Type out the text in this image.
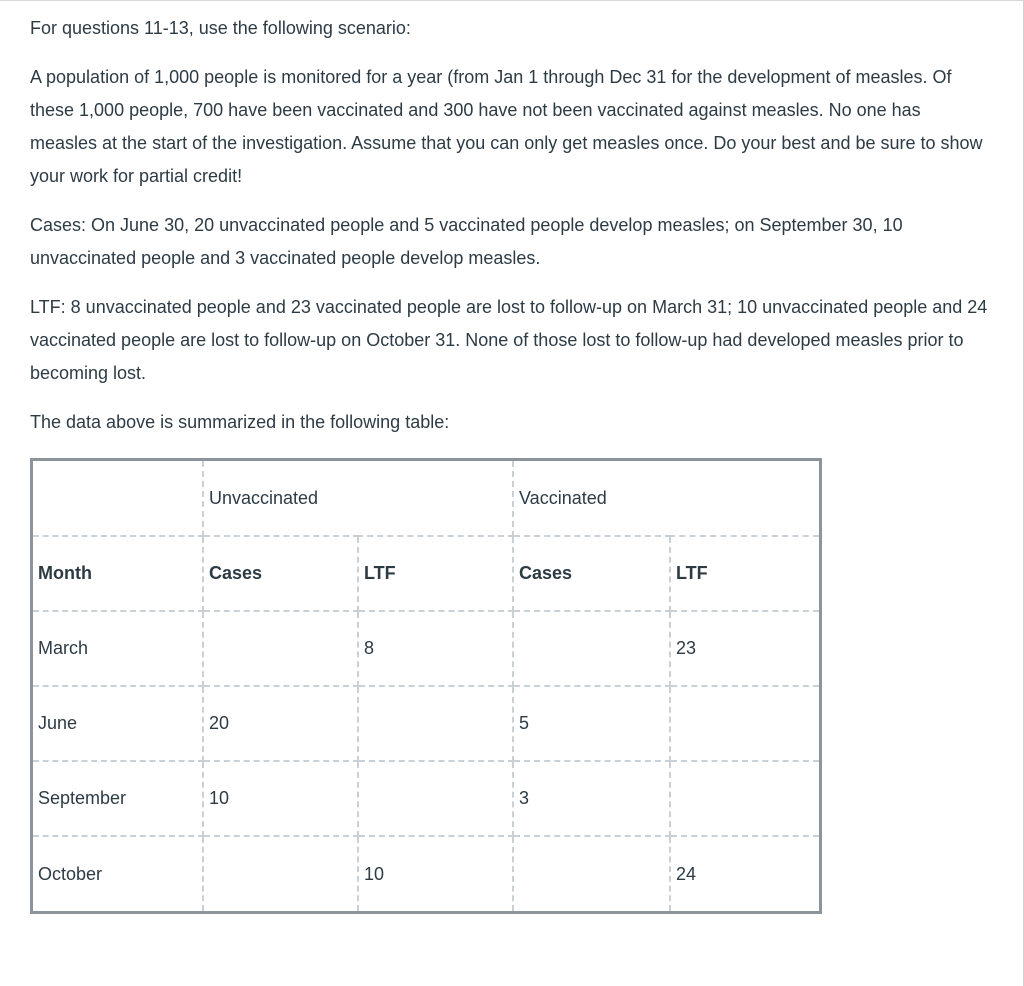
For questions 11-13, use the following scenario:

A population of 1,000 people is monitored for a year (from Jan 1 through Dec 31 for the development of measles. Of these 1,000 people, 700 have been vaccinated and 300 have not been vaccinated against measles. No one has measles at the start of the investigation. Assume that you can only get measles once. Do your best and be sure to show your work for partial credit!

Cases: On June 30, 20 unvaccinated people and 5 vaccinated people develop measles; on September 30, 10 unvaccinated people and 3 vaccinated people develop measles.

LTF: 8 unvaccinated people and 23 vaccinated people are lost to follow-up on March 31; 10 unvaccinated people and 24 vaccinated people are lost to follow-up on October 31. None of those lost to follow-up had developed measles prior to becoming lost.

The data above is summarized in the following table:

	Unvaccinated		Vaccinated	
Month	Cases	LTF	Cases	LTF
March		8		23
June	20		5	
September	10		3	
October		10		24
